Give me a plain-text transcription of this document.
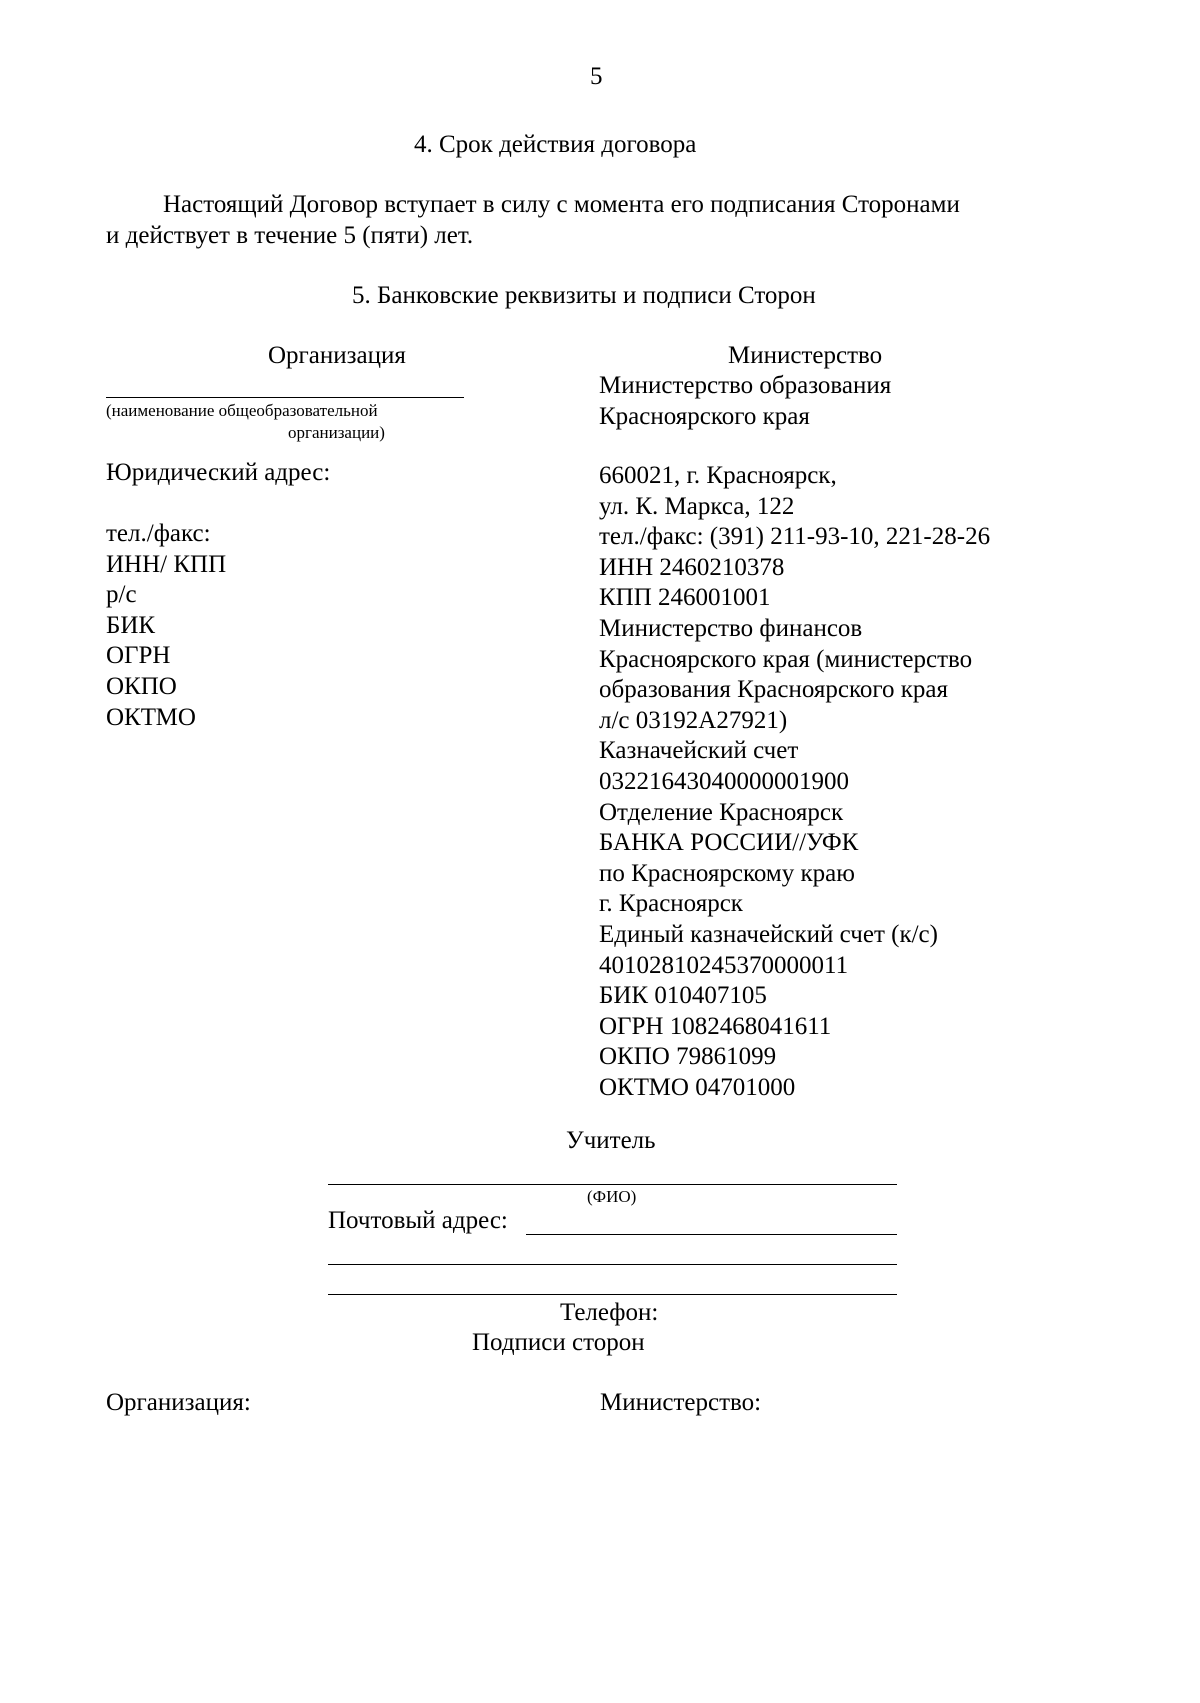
5
4. Срок действия договора
Настоящий Договор вступает в силу с момента его подписания Сторонами
и действует в течение 5 (пяти) лет.
5. Банковские реквизиты и подписи Сторон
Организация
(наименование общеобразовательной
организации)
Юридический адрес:
тел./факс:
ИНН/ КПП
р/с
БИК
ОГРН
ОКПО
ОКТМО
Министерство
Министерство образования
Красноярского края
660021, г. Красноярск,
ул. К. Маркса, 122
тел./факс: (391) 211-93-10, 221-28-26
ИНН 2460210378
КПП 246001001
Министерство финансов
Красноярского края (министерство
образования Красноярского края
л/с 03192А27921)
Казначейский счет
03221643040000001900
Отделение Красноярск
БАНКА РОССИИ//УФК
по Красноярскому краю
г. Красноярск
Единый казначейский счет (к/с)
40102810245370000011
БИК 010407105
ОГРН 1082468041611
ОКПО 79861099
ОКТМО 04701000
Учитель
(ФИО)
Почтовый адрес:
Телефон:
Подписи сторон
Организация:	Министерство:
